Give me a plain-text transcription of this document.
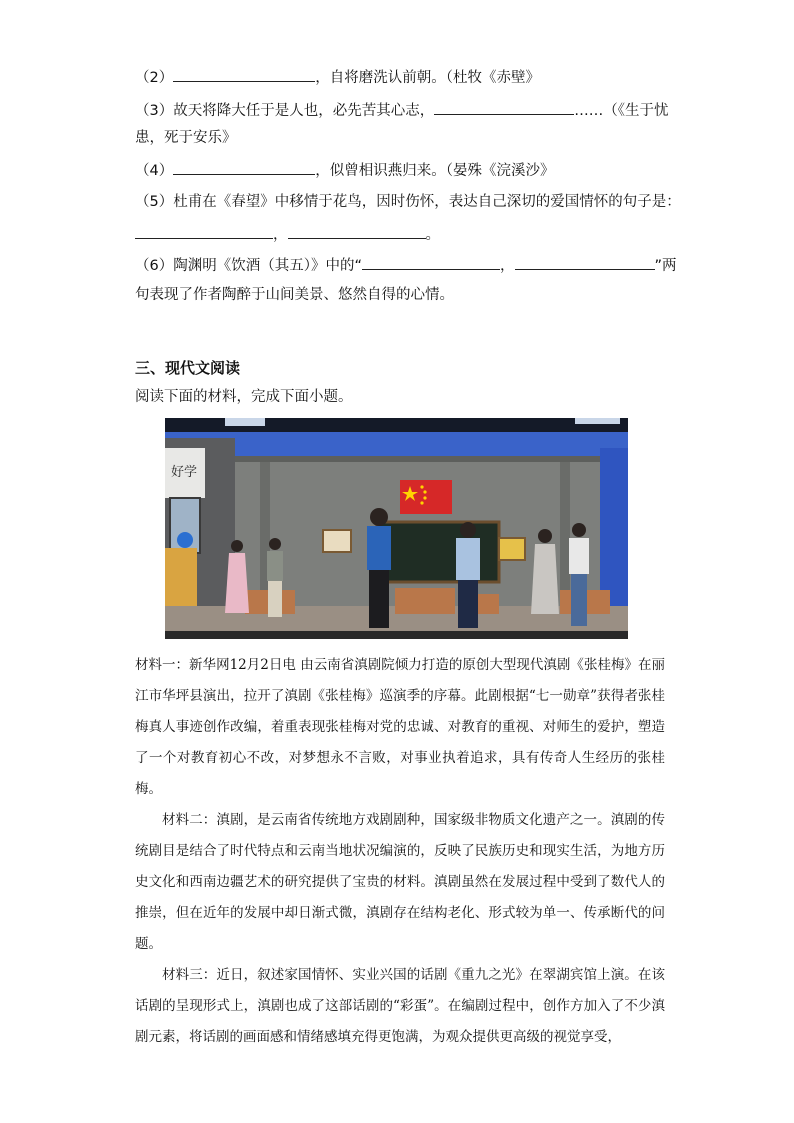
（2）	，自将磨洗认前朝。（杜牧《赤壁》
（3）故天将降大任于是人也，必先苦其心志，	……（《生于忧
患，死于安乐》
（4）	，似曾相识燕归来。（晏殊《浣溪沙》
（5）杜甫在《春望》中移情于花鸟，因时伤怀，表达自己深切的爱国情怀的句子是：
，	。
（6）陶渊明《饮酒（其五）》中的“	，	”两
句表现了作者陶醉于山间美景、悠然自得的心情。
三、现代文阅读
阅读下面的材料，完成下面小题。
好学
材料一：新华网12月2日电 由云南省滇剧院倾力打造的原创大型现代滇剧《张桂梅》在丽江市华坪县演出，拉开了滇剧《张桂梅》巡演季的序幕。此剧根据“七一勋章”获得者张桂梅真人事迹创作改编，着重表现张桂梅对党的忠诚、对教育的重视、对师生的爱护，塑造了一个对教育初心不改，对梦想永不言败，对事业执着追求，具有传奇人生经历的张桂梅。
材料二：滇剧，是云南省传统地方戏剧剧种，国家级非物质文化遗产之一。滇剧的传统剧目是结合了时代特点和云南当地状况编演的，反映了民族历史和现实生活，为地方历史文化和西南边疆艺术的研究提供了宝贵的材料。滇剧虽然在发展过程中受到了数代人的推崇，但在近年的发展中却日渐式微，滇剧存在结构老化、形式较为单一、传承断代的问题。
材料三：近日，叙述家国情怀、实业兴国的话剧《重九之光》在翠湖宾馆上演。在该话剧的呈现形式上，滇剧也成了这部话剧的“彩蛋”。在编剧过程中，创作方加入了不少滇剧元素，将话剧的画面感和情绪感填充得更饱满，为观众提供更高级的视觉享受，
